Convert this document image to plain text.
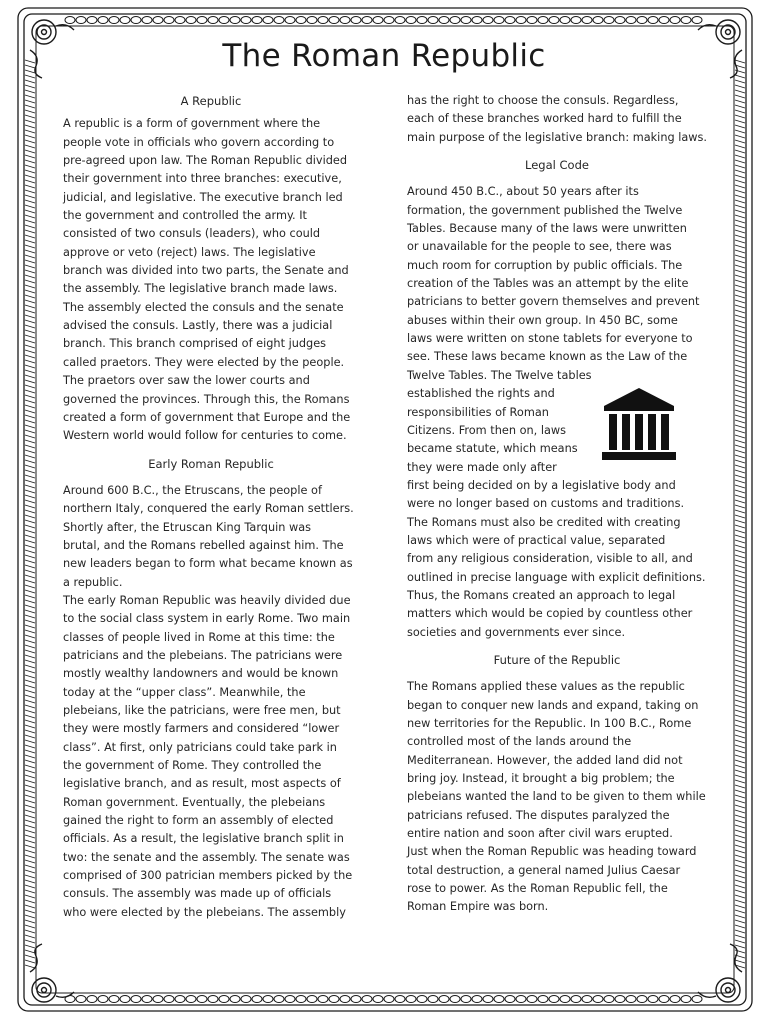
The Roman Republic
A Republic
A republic is a form of government where the
people vote in officials who govern according to
pre-agreed upon law. The Roman Republic divided
their government into three branches: executive,
judicial, and legislative. The executive branch led
the government and controlled the army. It
consisted of two consuls (leaders), who could
approve or veto (reject) laws. The legislative
branch was divided into two parts, the Senate and
the assembly. The legislative branch made laws.
The assembly elected the consuls and the senate
advised the consuls. Lastly, there was a judicial
branch. This branch comprised of eight judges
called praetors. They were elected by the people.
The praetors over saw the lower courts and
governed the provinces. Through this, the Romans
created a form of government that Europe and the
Western world would follow for centuries to come.
Early Roman Republic
Around 600 B.C., the Etruscans, the people of
northern Italy, conquered the early Roman settlers.
Shortly after, the Etruscan King Tarquin was
brutal, and the Romans rebelled against him. The
new leaders began to form what became known as
a republic.
The early Roman Republic was heavily divided due
to the social class system in early Rome. Two main
classes of people lived in Rome at this time: the
patricians and the plebeians. The patricians were
mostly wealthy landowners and would be known
today at the “upper class”. Meanwhile, the
plebeians, like the patricians, were free men, but
they were mostly farmers and considered “lower
class”. At first, only patricians could take park in
the government of Rome. They controlled the
legislative branch, and as result, most aspects of
Roman government. Eventually, the plebeians
gained the right to form an assembly of elected
officials. As a result, the legislative branch split in
two: the senate and the assembly. The senate was
comprised of 300 patrician members picked by the
consuls. The assembly was made up of officials
who were elected by the plebeians. The assembly
has the right to choose the consuls. Regardless,
each of these branches worked hard to fulfill the
main purpose of the legislative branch: making laws.
Legal Code
Around 450 B.C., about 50 years after its
formation, the government published the Twelve
Tables. Because many of the laws were unwritten
or unavailable for the people to see, there was
much room for corruption by public officials. The
creation of the Tables was an attempt by the elite
patricians to better govern themselves and prevent
abuses within their own group. In 450 BC, some
laws were written on stone tablets for everyone to
see. These laws became known as the Law of the
Twelve Tables. The Twelve tables
established the rights and
responsibilities of Roman
Citizens. From then on, laws
became statute, which means
they were made only after
first being decided on by a legislative body and
were no longer based on customs and traditions.
The Romans must also be credited with creating
laws which were of practical value, separated
from any religious consideration, visible to all, and
outlined in precise language with explicit definitions.
Thus, the Romans created an approach to legal
matters which would be copied by countless other
societies and governments ever since.
Future of the Republic
The Romans applied these values as the republic
began to conquer new lands and expand, taking on
new territories for the Republic. In 100 B.C., Rome
controlled most of the lands around the
Mediterranean. However, the added land did not
bring joy. Instead, it brought a big problem; the
plebeians wanted the land to be given to them while
patricians refused. The disputes paralyzed the
entire nation and soon after civil wars erupted.
Just when the Roman Republic was heading toward
total destruction, a general named Julius Caesar
rose to power. As the Roman Republic fell, the
Roman Empire was born.
